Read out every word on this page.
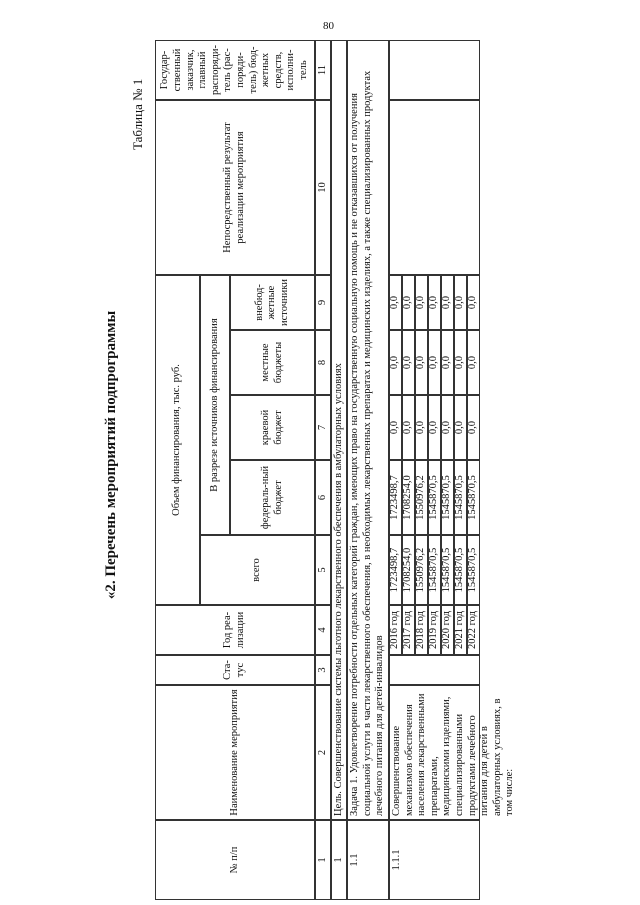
80
«2. Перечень мероприятий подпрограммы
Таблица № 1
№ п/п
Наименование мероприятия
Ста-тус
Год реа-лизации
Объем финансирования, тыс. руб.
всего
В разрезе источников финансирования
федераль-ный бюджет
краевой бюджет
местные бюджеты
внебюд-жетные источники
Непосредственный результат реализации мероприятия
Государ-ственный заказчик, главный распоряди-тель (рас-поряди-тель) бюд-жетных средств, исполни-тель
1
2
3
4
5
6
7
8
9
10
11
1
Цель. Совершенствование системы льготного лекарственного обеспечения в амбулаторных условиях
1.1
Задача 1. Удовлетворение потребности отдельных категорий граждан, имеющих право на государственную социальную помощь и не отказавшихся от получения социальной услуги в части лекарственного обеспечения, в необходимых лекарственных препаратах и медицинских изделиях, а также специализированных продуктах лечебного питания для детей-инвалидов
1.1.1
Совершенствование механизмов обеспечения населения лекарственными препаратами, медицинскими изделиями, специализированными продуктами лечебного питания для детей в амбулаторных условиях, в том числе:
2016 год
1723498,7
1723498,7
0,0
0,0
0,0
2017 год
1708254,0
1708254,0
0,0
0,0
0,0
2018 год
1550976,2
1550976,2
0,0
0,0
0,0
2019 год
1545870,5
1545870,5
0,0
0,0
0,0
2020 год
1545870,5
1545870,5
0,0
0,0
0,0
2021 год
1545870,5
1545870,5
0,0
0,0
0,0
2022 год
1545870,5
1545870,5
0,0
0,0
0,0
